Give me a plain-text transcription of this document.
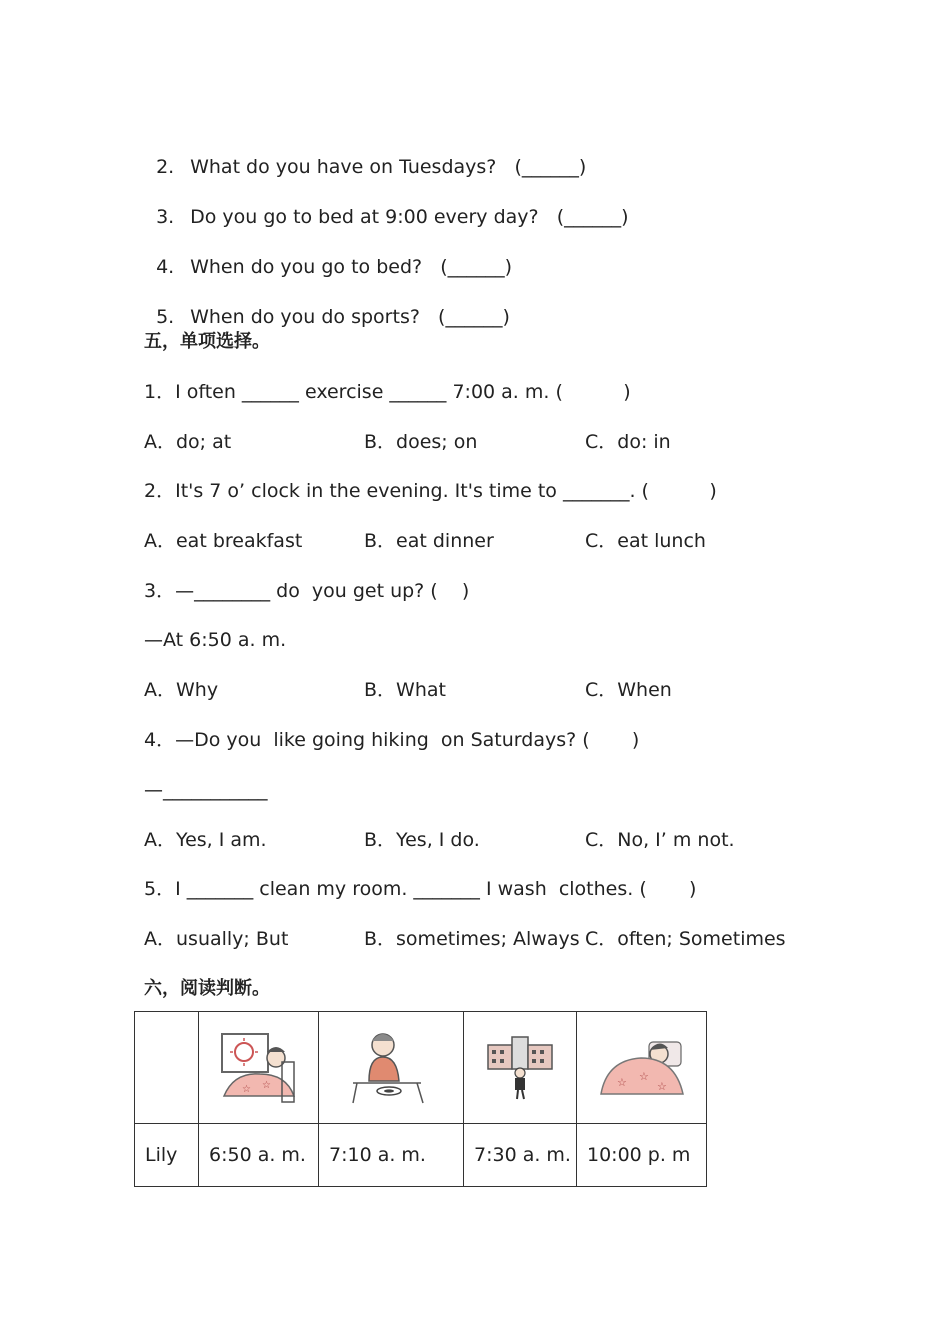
2. What do you have on Tuesdays?   (______)

3. Do you go to bed at 9:00 every day?   (______)

4. When do you go to bed?   (______)

5. When do you do sports?   (______)

五，单项选择。
1．I often ______ exercise ______ 7:00 a. m. (          )
A．do; at	B．does; on	C．do: in
2．It's 7 o’ clock in the evening. It's time to _______. (          )
A．eat breakfast	B．eat dinner	C．eat lunch
3．—________ do  you get up? (    )
—At 6:50 a. m.
A．Why	B．What	C．When
4．—Do you  like going hiking  on Saturdays? (       )
—___________
A．Yes, I am.	B．Yes, I do.	C．No, I’ m not.
5．I _______ clean my room. _______ I wash  clothes. (       )
A．usually; But	B．sometimes; Always C．often; Sometimes
六，阅读判断。

☆ ☆			☆ ☆
☆

Lily	6:50 a. m.	7:10 a. m.	7:30 a. m.	10:00 p. m
